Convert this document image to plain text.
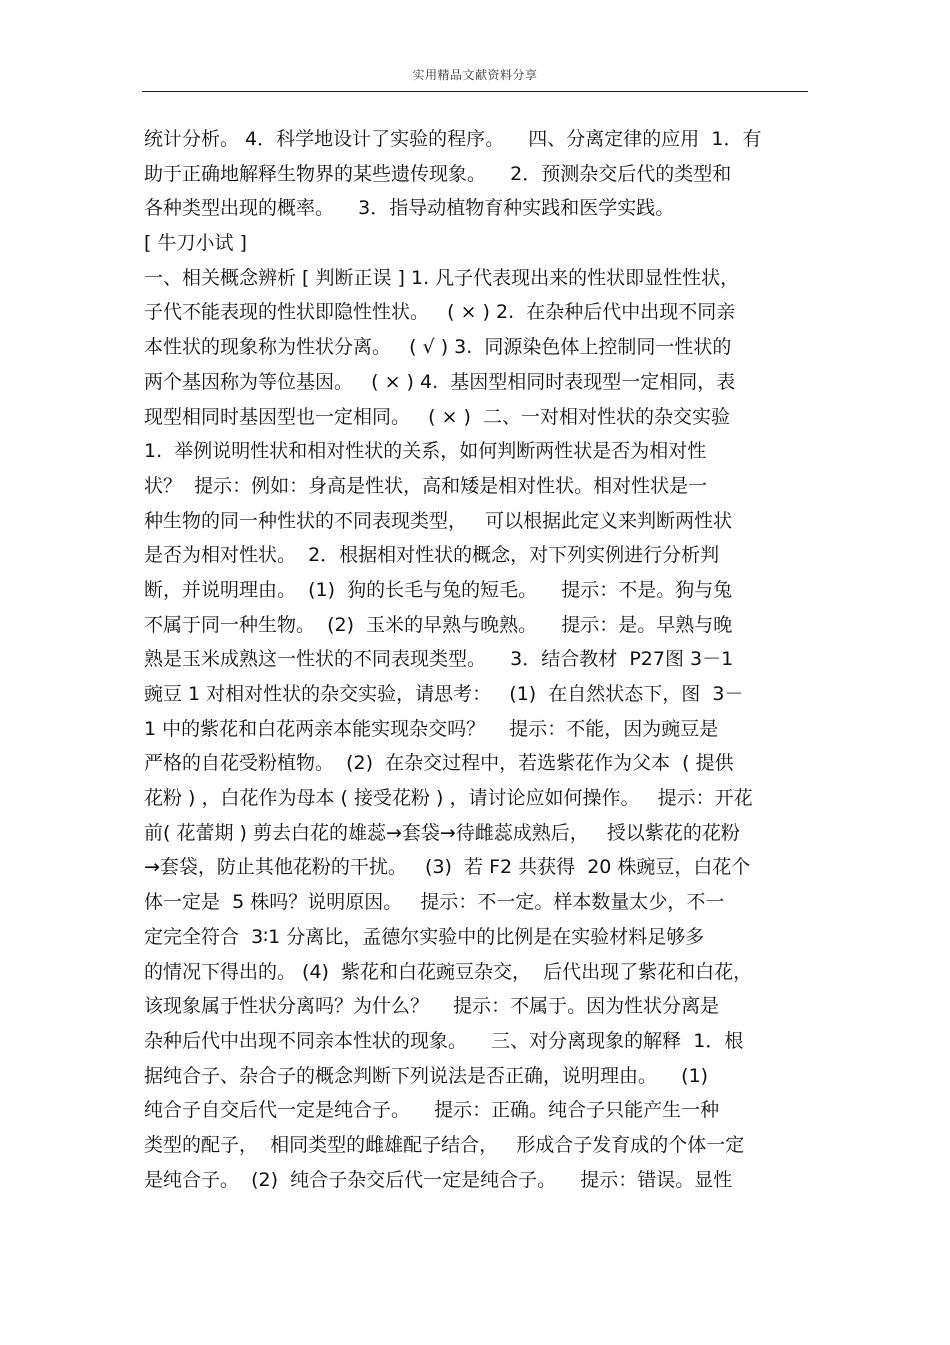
实用精品文献资料分享
统计分析。 4．科学地设计了实验的程序。    四、分离定律的应用  1．有
助于正确地解释生物界的某些遗传现象。    2．预测杂交后代的类型和
各种类型出现的概率。    3．指导动植物育种实践和医学实践。
[ 牛刀小试 ]
一、相关概念辨析 [ 判断正误 ] 1. 凡子代表现出来的性状即显性性状，
子代不能表现的性状即隐性性状。   ( × ) 2.  在杂种后代中出现不同亲
本性状的现象称为性状分离。   ( √ ) 3.  同源染色体上控制同一性状的
两个基因称为等位基因。   ( × ) 4.  基因型相同时表现型一定相同，表
现型相同时基因型也一定相同。   ( × )  二、一对相对性状的杂交实验
1.  举例说明性状和相对性状的关系，如何判断两性状是否为相对性
状？  提示：例如：身高是性状，高和矮是相对性状。相对性状是一
种生物的同一种性状的不同表现类型，   可以根据此定义来判断两性状
是否为相对性状。  2．根据相对性状的概念，对下列实例进行分析判
断，并说明理由。  (1)  狗的长毛与兔的短毛。    提示：不是。狗与兔
不属于同一种生物。  (2)  玉米的早熟与晚熟。    提示：是。早熟与晚
熟是玉米成熟这一性状的不同表现类型。    3．结合教材  P27图 3－1
豌豆 1 对相对性状的杂交实验，请思考：   (1)  在自然状态下，图  3－
1 中的紫花和白花两亲本能实现杂交吗？    提示：不能，因为豌豆是
严格的自花受粉植物。  (2)  在杂交过程中，若选紫花作为父本  ( 提供
花粉 ) ，白花作为母本 ( 接受花粉 ) ，请讨论应如何操作。   提示：开花
前( 花蕾期 ) 剪去白花的雄蕊→套袋→待雌蕊成熟后，   授以紫花的花粉
→套袋，防止其他花粉的干扰。   (3)  若 F2 共获得  20 株豌豆，白花个
体一定是  5 株吗？说明原因。   提示：不一定。样本数量太少，不一
定完全符合  3∶1 分离比，孟德尔实验中的比例是在实验材料足够多
的情况下得出的。 (4)  紫花和白花豌豆杂交，  后代出现了紫花和白花，
该现象属于性状分离吗？为什么？    提示：不属于。因为性状分离是
杂种后代中出现不同亲本性状的现象。    三、对分离现象的解释  1．根
据纯合子、杂合子的概念判断下列说法是否正确，说明理由。    (1)
纯合子自交后代一定是纯合子。    提示：正确。纯合子只能产生一种
类型的配子，  相同类型的雌雄配子结合，   形成合子发育成的个体一定
是纯合子。  (2)  纯合子杂交后代一定是纯合子。    提示：错误。显性
